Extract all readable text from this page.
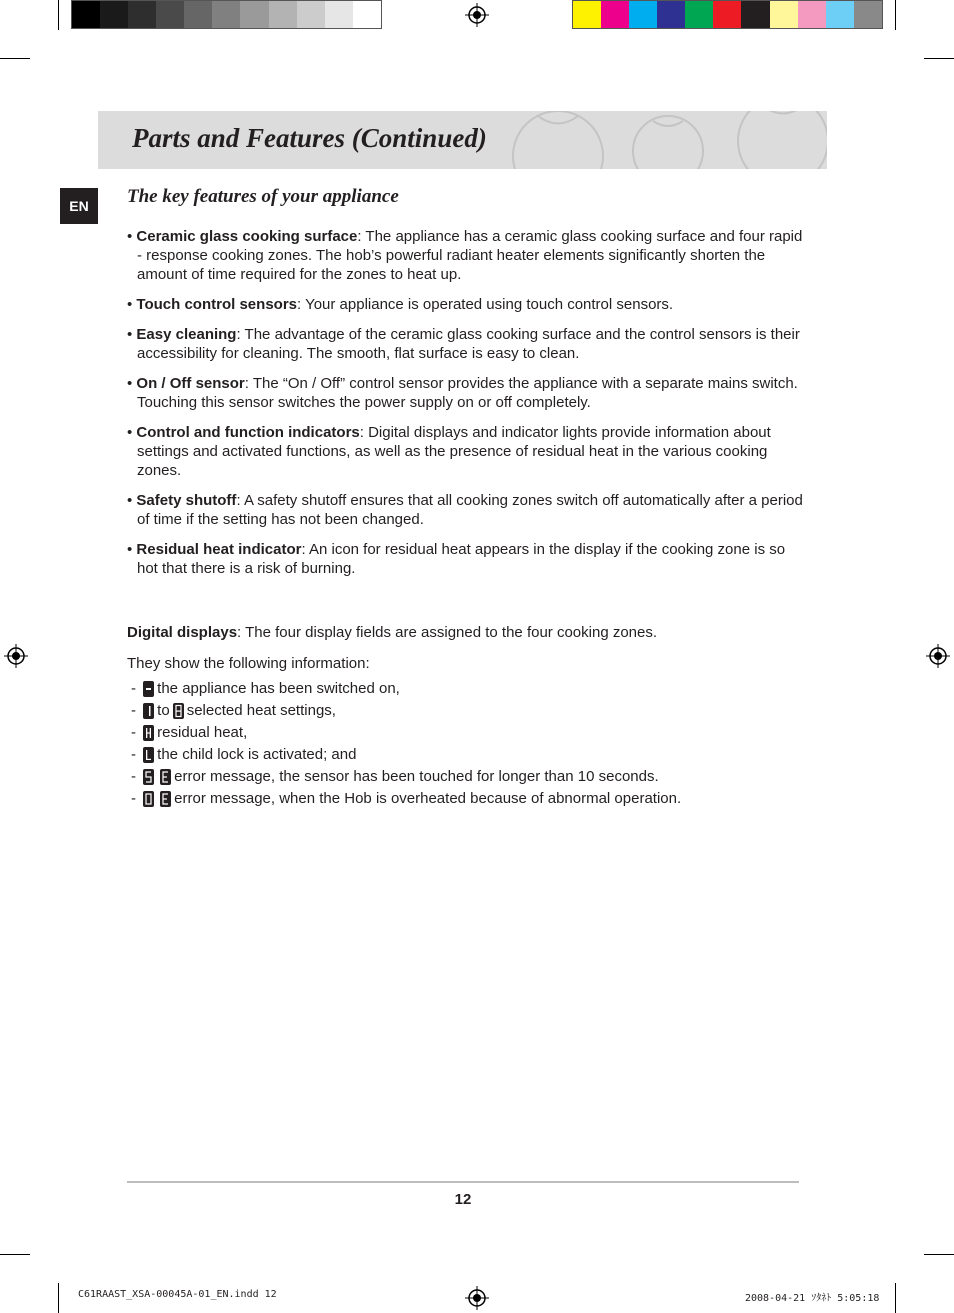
Parts and Features (Continued)
EN	The key features of your appliance
• Ceramic glass cooking surface: The appliance has a ceramic glass cooking surface and four rapid - response cooking zones. The hob’s powerful radiant heater elements significantly shorten the amount of time required for the zones to heat up.
• Touch control sensors: Your appliance is operated using touch control sensors.
• Easy cleaning: The advantage of the ceramic glass cooking surface and the control sensors is their accessibility for cleaning. The smooth, flat surface is easy to clean.
• On / Off sensor: The “On / Off” control sensor provides the appliance with a separate mains switch. Touching this sensor switches the power supply on or off completely.
• Control and function indicators: Digital displays and indicator lights provide information about settings and activated functions, as well as the presence of residual heat in the various cooking zones.
• Safety shutoff: A safety shutoff ensures that all cooking zones switch off automatically after a period of time if the setting has not been changed.
• Residual heat indicator: An icon for residual heat appears in the display if the cooking zone is so hot that there is a risk of burning.
Digital displays: The four display fields are assigned to the four cooking zones.
They show the following information:
- the appliance has been switched on,
- to selected heat settings,
- residual heat,
- the child lock is activated; and
- error message, the sensor has been touched for longer than 10 seconds.
- error message, when the Hob is overheated because of abnormal operation.
12
C61RAAST_XSA-00045A-01_EN.indd 12	2008-04-21 ｿﾀﾈﾄ 5:05:18
